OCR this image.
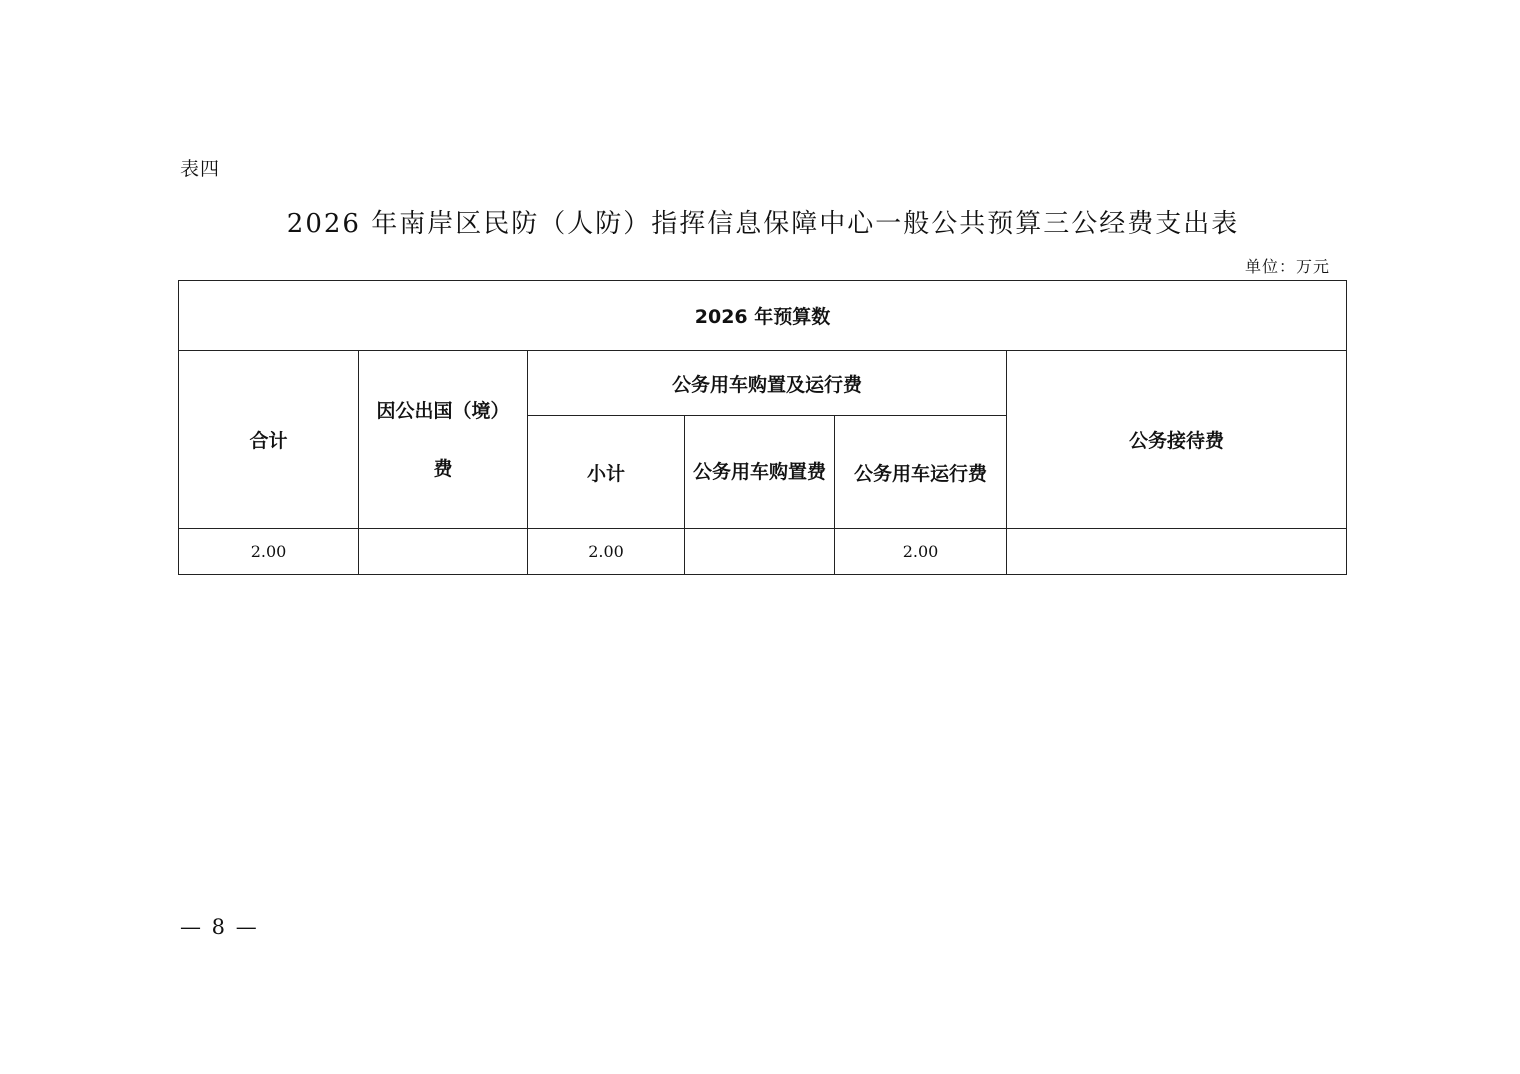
表四
2026 年南岸区民防（人防）指挥信息保障中心一般公共预算三公经费支出表
单位：万元
2026 年预算数					
合计	因公出国（境）费	公务用车购置及运行费			公务接待费
		小计	公务用车购置费	公务用车运行费	
2.00		2.00		2.00	
— 8 —
